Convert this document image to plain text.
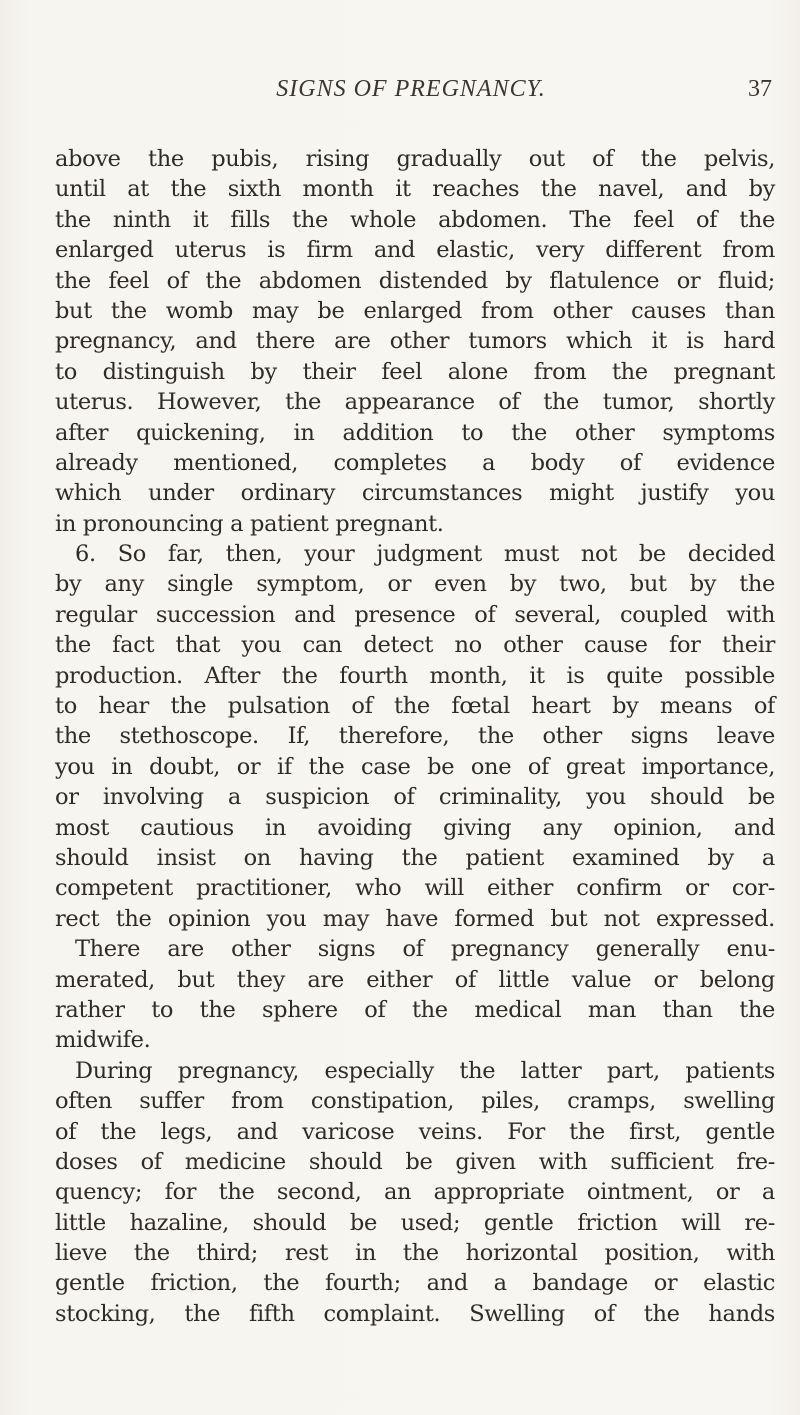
SIGNS OF PREGNANCY.	37
above the pubis, rising gradually out of the pelvis,
until at the sixth month it reaches the navel, and by
the ninth it fills the whole abdomen. The feel of the
enlarged uterus is firm and elastic, very different from
the feel of the abdomen distended by flatulence or fluid;
but the womb may be enlarged from other causes than
pregnancy, and there are other tumors which it is hard
to distinguish by their feel alone from the pregnant
uterus. However, the appearance of the tumor, shortly
after quickening, in addition to the other symptoms
already mentioned, completes a body of evidence
which under ordinary circumstances might justify you
in pronouncing a patient pregnant.
6. So far, then, your judgment must not be decided
by any single symptom, or even by two, but by the
regular succession and presence of several, coupled with
the fact that you can detect no other cause for their
production. After the fourth month, it is quite possible
to hear the pulsation of the fœtal heart by means of
the stethoscope. If, therefore, the other signs leave
you in doubt, or if the case be one of great importance,
or involving a suspicion of criminality, you should be
most cautious in avoiding giving any opinion, and
should insist on having the patient examined by a
competent practitioner, who will either confirm or cor-
rect the opinion you may have formed but not expressed.
There are other signs of pregnancy generally enu-
merated, but they are either of little value or belong
rather to the sphere of the medical man than the
midwife.
During pregnancy, especially the latter part, patients
often suffer from constipation, piles, cramps, swelling
of the legs, and varicose veins. For the first, gentle
doses of medicine should be given with sufficient fre-
quency; for the second, an appropriate ointment, or a
little hazaline, should be used; gentle friction will re-
lieve the third; rest in the horizontal position, with
gentle friction, the fourth; and a bandage or elastic
stocking, the fifth complaint. Swelling of the hands
